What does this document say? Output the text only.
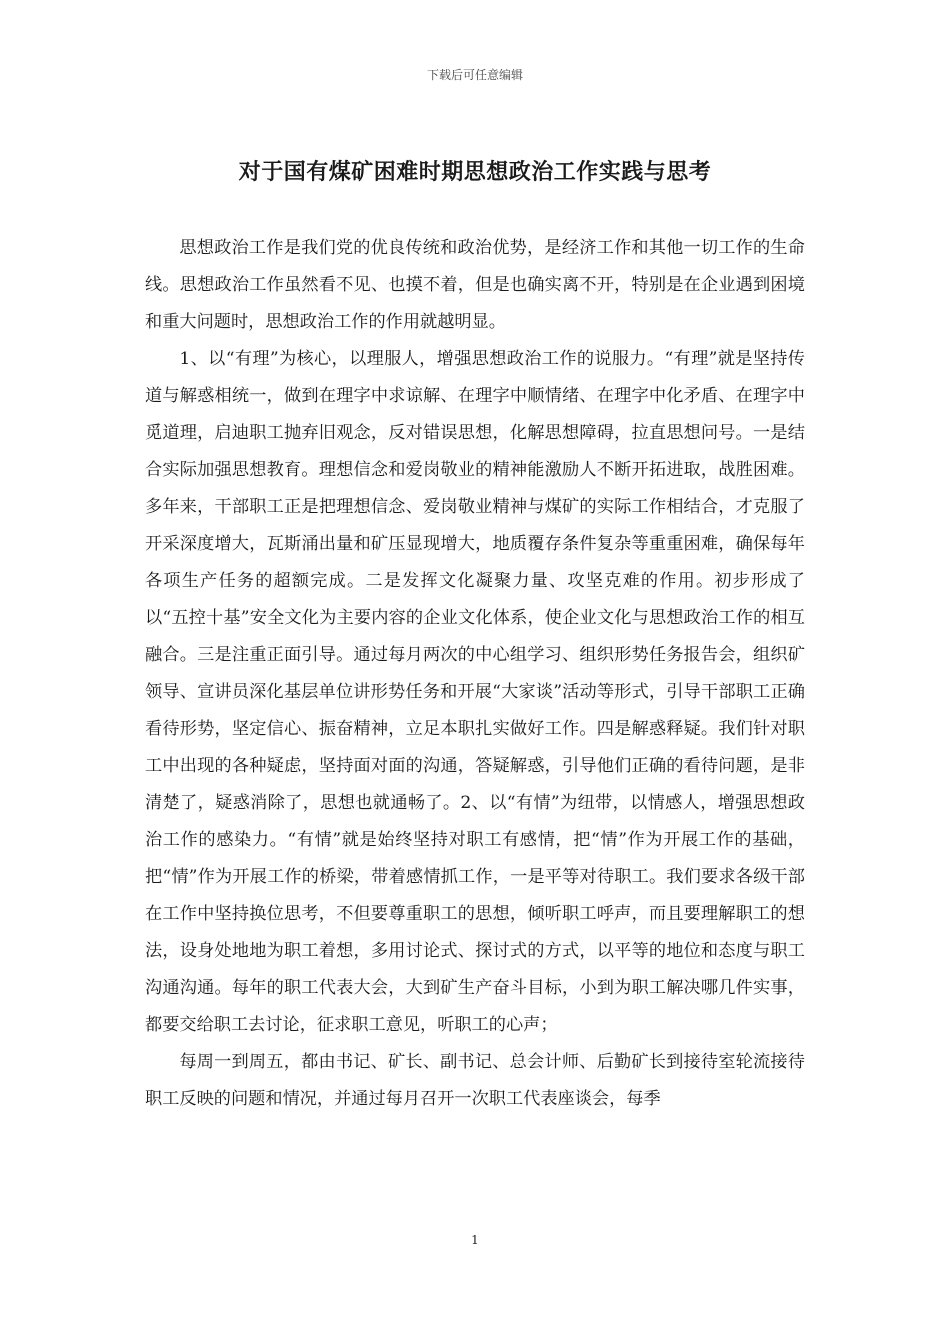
下载后可任意编辑
对于国有煤矿困难时期思想政治工作实践与思考

思想政治工作是我们党的优良传统和政治优势，是经济工作和其他一切工作的生命线。思想政治工作虽然看不见、也摸不着，但是也确实离不开，特别是在企业遇到困境和重大问题时，思想政治工作的作用就越明显。

1、以“有理”为核心，以理服人，增强思想政治工作的说服力。“有理”就是坚持传道与解惑相统一，做到在理字中求谅解、在理字中顺情绪、在理字中化矛盾、在理字中觅道理，启迪职工抛弃旧观念，反对错误思想，化解思想障碍，拉直思想问号。一是结合实际加强思想教育。理想信念和爱岗敬业的精神能激励人不断开拓进取，战胜困难。多年来，干部职工正是把理想信念、爱岗敬业精神与煤矿的实际工作相结合，才克服了开采深度增大，瓦斯涌出量和矿压显现增大，地质覆存条件复杂等重重困难，确保每年各项生产任务的超额完成。二是发挥文化凝聚力量、攻坚克难的作用。初步形成了以“五控十基”安全文化为主要内容的企业文化体系，使企业文化与思想政治工作的相互融合。三是注重正面引导。通过每月两次的中心组学习、组织形势任务报告会，组织矿领导、宣讲员深化基层单位讲形势任务和开展“大家谈”活动等形式，引导干部职工正确看待形势，坚定信心、振奋精神，立足本职扎实做好工作。四是解惑释疑。我们针对职工中出现的各种疑虑，坚持面对面的沟通，答疑解惑，引导他们正确的看待问题，是非清楚了，疑惑消除了，思想也就通畅了。2、以“有情”为纽带，以情感人，增强思想政治工作的感染力。“有情”就是始终坚持对职工有感情，把“情”作为开展工作的基础，把“情”作为开展工作的桥梁，带着感情抓工作，一是平等对待职工。我们要求各级干部在工作中坚持换位思考，不但要尊重职工的思想，倾听职工呼声，而且要理解职工的想法，设身处地地为职工着想，多用讨论式、探讨式的方式，以平等的地位和态度与职工沟通沟通。每年的职工代表大会，大到矿生产奋斗目标，小到为职工解决哪几件实事，都要交给职工去讨论，征求职工意见，听职工的心声；

每周一到周五，都由书记、矿长、副书记、总会计师、后勤矿长到接待室轮流接待职工反映的问题和情况，并通过每月召开一次职工代表座谈会，每季

1
